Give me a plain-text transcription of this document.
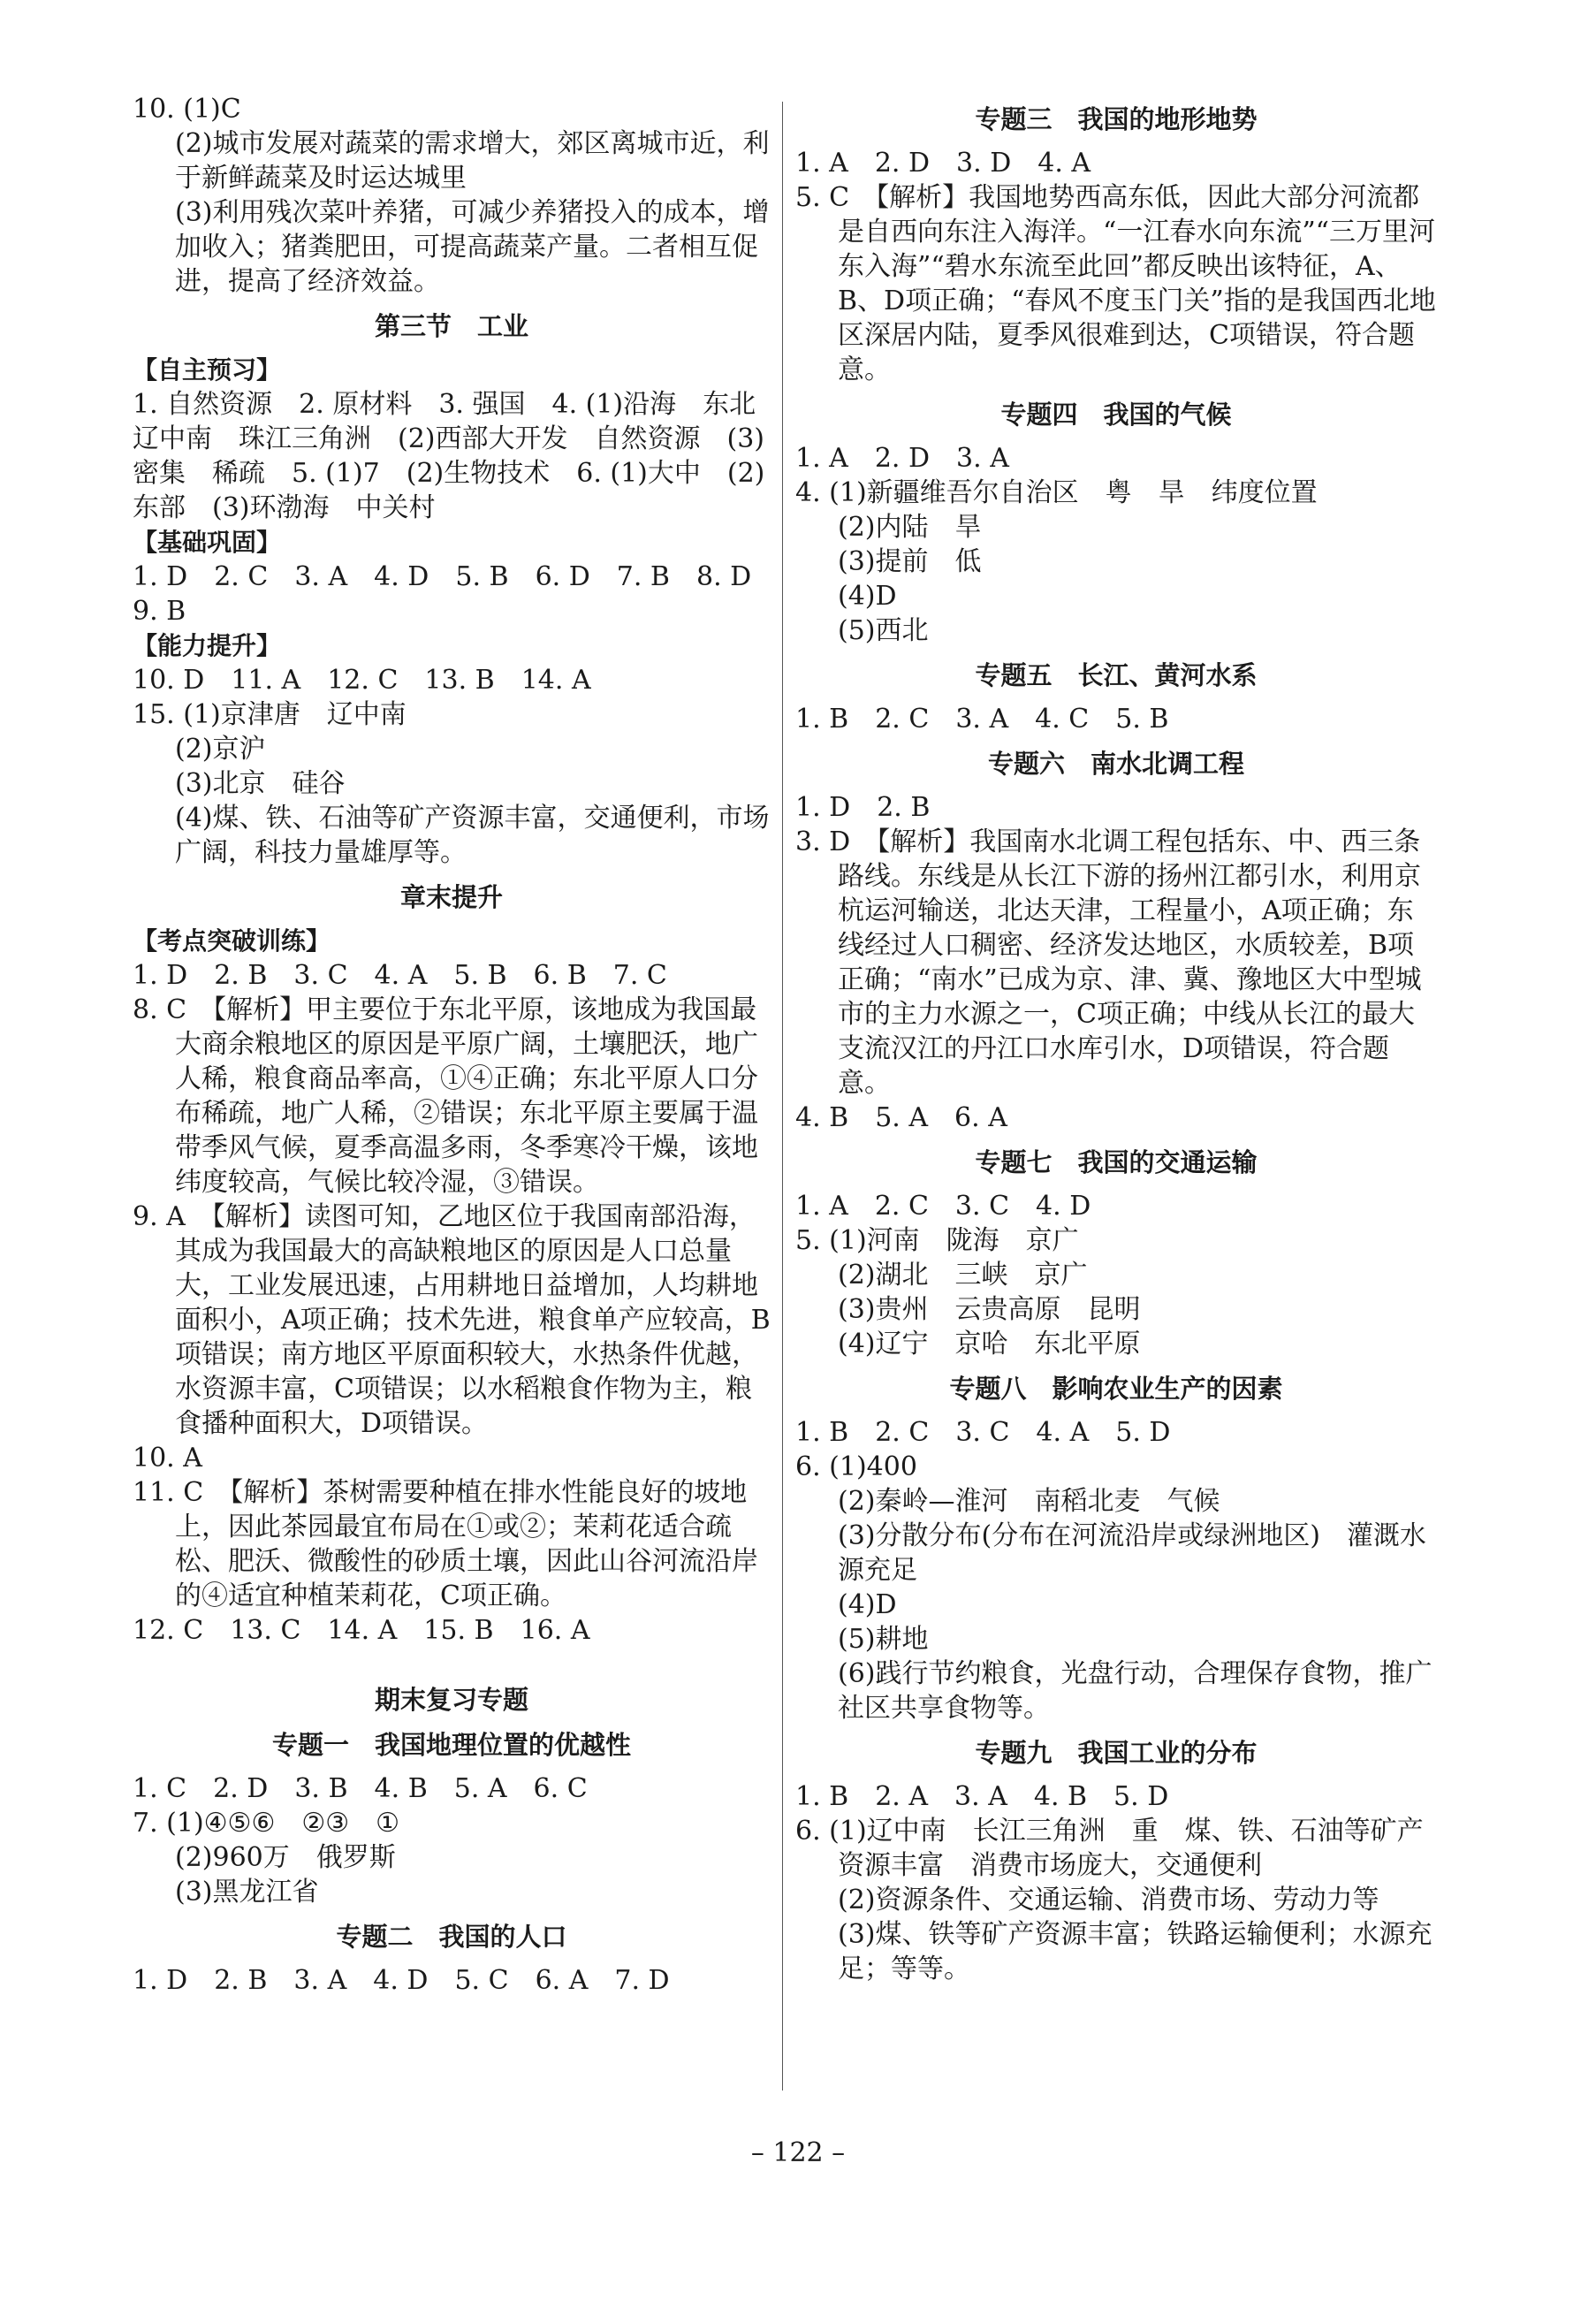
10. (1)C

(2)城市发展对蔬菜的需求增大，郊区离城市近，利于新鲜蔬菜及时运达城里

(3)利用残次菜叶养猪，可减少养猪投入的成本，增加收入；猪粪肥田，可提高蔬菜产量。二者相互促进，提高了经济效益。

第三节　工业

【自主预习】

1. 自然资源　2. 原材料　3. 强国　4. (1)沿海　东北　辽中南　珠江三角洲　(2)西部大开发　自然资源　(3)密集　稀疏　5. (1)7　(2)生物技术　6. (1)大中　(2)东部　(3)环渤海　中关村

【基础巩固】

1. D　2. C　3. A　4. D　5. B　6. D　7. B　8. D　9. B

【能力提升】

10. D　11. A　12. C　13. B　14. A

15. (1)京津唐　辽中南

(2)京沪

(3)北京　硅谷

(4)煤、铁、石油等矿产资源丰富，交通便利，市场广阔，科技力量雄厚等。

章末提升

【考点突破训练】

1. D　2. B　3. C　4. A　5. B　6. B　7. C

8. C　【解析】甲主要位于东北平原，该地成为我国最大商余粮地区的原因是平原广阔，土壤肥沃，地广人稀，粮食商品率高，①④正确；东北平原人口分布稀疏，地广人稀，②错误；东北平原主要属于温带季风气候，夏季高温多雨，冬季寒冷干燥，该地纬度较高，气候比较冷湿，③错误。

9. A　【解析】读图可知，乙地区位于我国南部沿海，其成为我国最大的高缺粮地区的原因是人口总量大，工业发展迅速，占用耕地日益增加，人均耕地面积小，A项正确；技术先进，粮食单产应较高，B项错误；南方地区平原面积较大，水热条件优越，水资源丰富，C项错误；以水稻粮食作物为主，粮食播种面积大，D项错误。

10. A

11. C　【解析】茶树需要种植在排水性能良好的坡地上，因此茶园最宜布局在①或②；茉莉花适合疏松、肥沃、微酸性的砂质土壤，因此山谷河流沿岸的④适宜种植茉莉花，C项正确。

12. C　13. C　14. A　15. B　16. A

期末复习专题

专题一　我国地理位置的优越性

1. C　2. D　3. B　4. B　5. A　6. C

7. (1)④⑤⑥　②③　①

(2)960万　俄罗斯

(3)黑龙江省

专题二　我国的人口

1. D　2. B　3. A　4. D　5. C　6. A　7. D

专题三　我国的地形地势

1. A　2. D　3. D　4. A

5. C　【解析】我国地势西高东低，因此大部分河流都是自西向东注入海洋。“一江春水向东流”“三万里河东入海”“碧水东流至此回”都反映出该特征，A、B、D项正确；“春风不度玉门关”指的是我国西北地区深居内陆，夏季风很难到达，C项错误，符合题意。

专题四　我国的气候

1. A　2. D　3. A

4. (1)新疆维吾尔自治区　粤　旱　纬度位置

(2)内陆　旱

(3)提前　低

(4)D

(5)西北

专题五　长江、黄河水系

1. B　2. C　3. A　4. C　5. B

专题六　南水北调工程

1. D　2. B

3. D　【解析】我国南水北调工程包括东、中、西三条路线。东线是从长江下游的扬州江都引水，利用京杭运河输送，北达天津，工程量小，A项正确；东线经过人口稠密、经济发达地区，水质较差，B项正确；“南水”已成为京、津、冀、豫地区大中型城市的主力水源之一，C项正确；中线从长江的最大支流汉江的丹江口水库引水，D项错误，符合题意。

4. B　5. A　6. A

专题七　我国的交通运输

1. A　2. C　3. C　4. D

5. (1)河南　陇海　京广

(2)湖北　三峡　京广

(3)贵州　云贵高原　昆明

(4)辽宁　京哈　东北平原

专题八　影响农业生产的因素

1. B　2. C　3. C　4. A　5. D

6. (1)400

(2)秦岭—淮河　南稻北麦　气候

(3)分散分布(分布在河流沿岸或绿洲地区)　灌溉水源充足

(4)D

(5)耕地

(6)践行节约粮食，光盘行动，合理保存食物，推广社区共享食物等。

专题九　我国工业的分布

1. B　2. A　3. A　4. B　5. D

6. (1)辽中南　长江三角洲　重　煤、铁、石油等矿产资源丰富　消费市场庞大，交通便利

(2)资源条件、交通运输、消费市场、劳动力等

(3)煤、铁等矿产资源丰富；铁路运输便利；水源充足；等等。

– 122 –
